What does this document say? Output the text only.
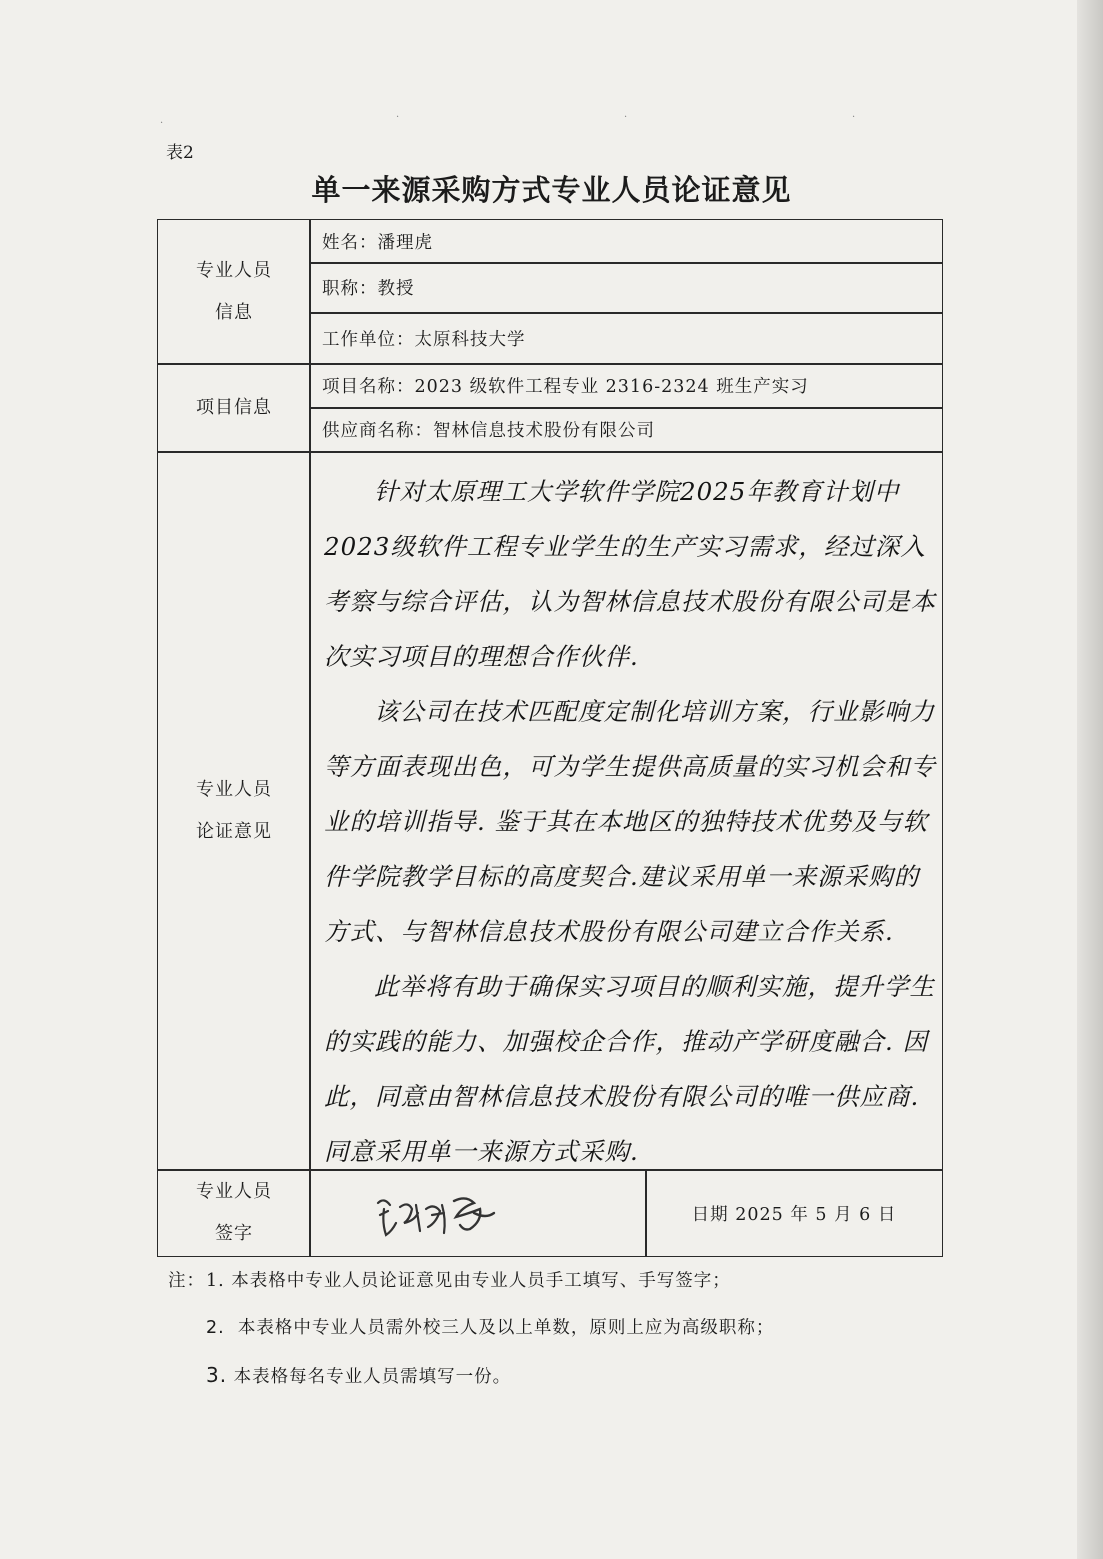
表2
单一来源采购方式专业人员论证意见
专业人员
信息
姓名： 潘理虎
职称： 教授
工作单位： 太原科技大学
项目信息
项目名称： 2023 级软件工程专业 2316-2324 班生产实习
供应商名称： 智林信息技术股份有限公司
专业人员
论证意见

针对太原理工大学软件学院2025年教育计划中2023级软件工程专业学生的生产实习需求，经过深入考察与综合评估，认为智林信息技术股份有限公司是本次实习项目的理想合作伙伴.

该公司在技术匹配度定制化培训方案，行业影响力等方面表现出色，可为学生提供高质量的实习机会和专业的培训指导. 鉴于其在本地区的独特技术优势及与软件学院教学目标的高度契合.建议采用单一来源采购的方式、与智林信息技术股份有限公司建立合作关系.

此举将有助于确保实习项目的顺利实施，提升学生的实践的能力、加强校企合作，推动产学研度融合. 因此，同意由智林信息技术股份有限公司的唯一供应商. 同意采用单一来源方式采购.

专业人员
签字
日期 2025 年 5 月 6 日
注：1. 本表格中专业人员论证意见由专业人员手工填写、手写签字；
2. 本表格中专业人员需外校三人及以上单数，原则上应为高级职称；
3. 本表格每名专业人员需填写一份。
·
·	·	·
